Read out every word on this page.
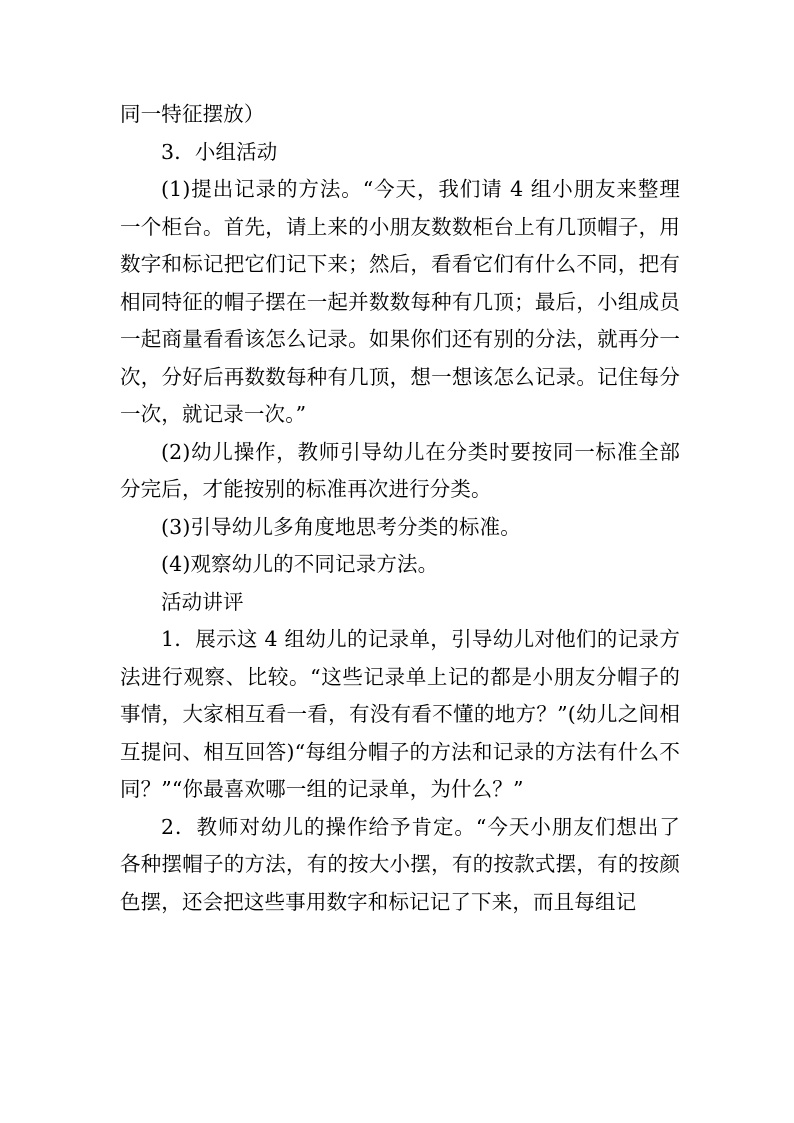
同一特征摆放）

3．小组活动

(1)提出记录的方法。“今天，我们请 4 组小朋友来整理一个柜台。首先，请上来的小朋友数数柜台上有几顶帽子，用数字和标记把它们记下来；然后，看看它们有什么不同，把有相同特征的帽子摆在一起并数数每种有几顶；最后，小组成员一起商量看看该怎么记录。如果你们还有别的分法，就再分一次，分好后再数数每种有几顶，想一想该怎么记录。记住每分一次，就记录一次。”

(2)幼儿操作，教师引导幼儿在分类时要按同一标准全部分完后，才能按别的标准再次进行分类。

(3)引导幼儿多角度地思考分类的标准。

(4)观察幼儿的不同记录方法。

活动讲评

1．展示这 4 组幼儿的记录单，引导幼儿对他们的记录方法进行观察、比较。“这些记录单上记的都是小朋友分帽子的事情，大家相互看一看，有没有看不懂的地方？”(幼儿之间相互提问、相互回答)“每组分帽子的方法和记录的方法有什么不同？”“你最喜欢哪一组的记录单，为什么？”

2．教师对幼儿的操作给予肯定。“今天小朋友们想出了各种摆帽子的方法，有的按大小摆，有的按款式摆，有的按颜色摆，还会把这些事用数字和标记记了下来，而且每组记
